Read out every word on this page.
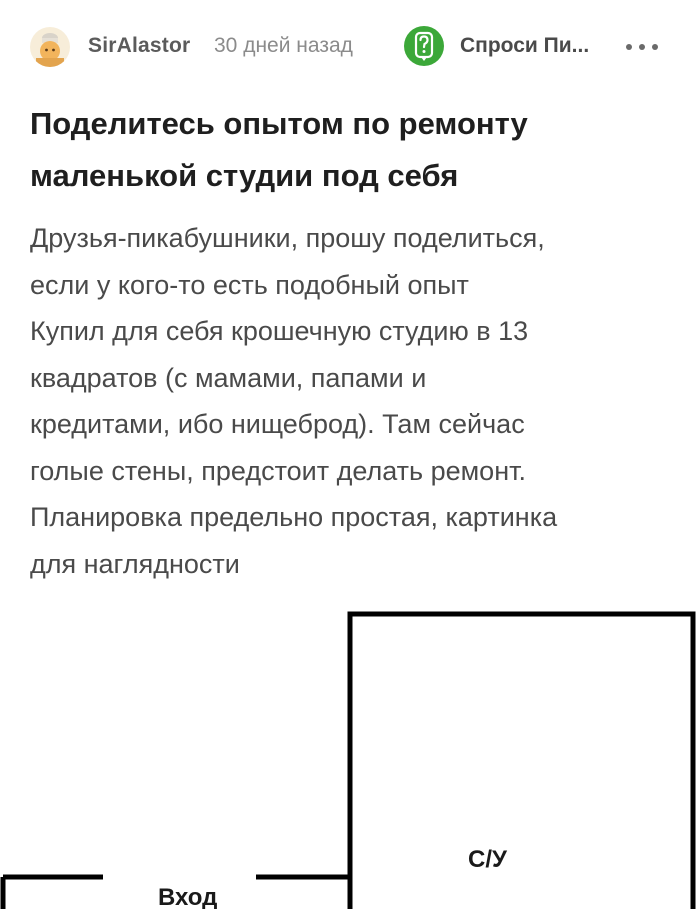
SirAlastor 30 дней назад	Спроси Пи...
Поделитесь опытом по ремонту маленькой студии под себя

Друзья-пикабушники, прошу поделиться,

если у кого-то есть подобный опыт

Купил для себя крошечную студию в 13

квадратов (с мамами, папами и

кредитами, ибо нищеброд). Там сейчас

голые стены, предстоит делать ремонт.

Планировка предельно простая, картинка

для наглядности

С/У
Вход
